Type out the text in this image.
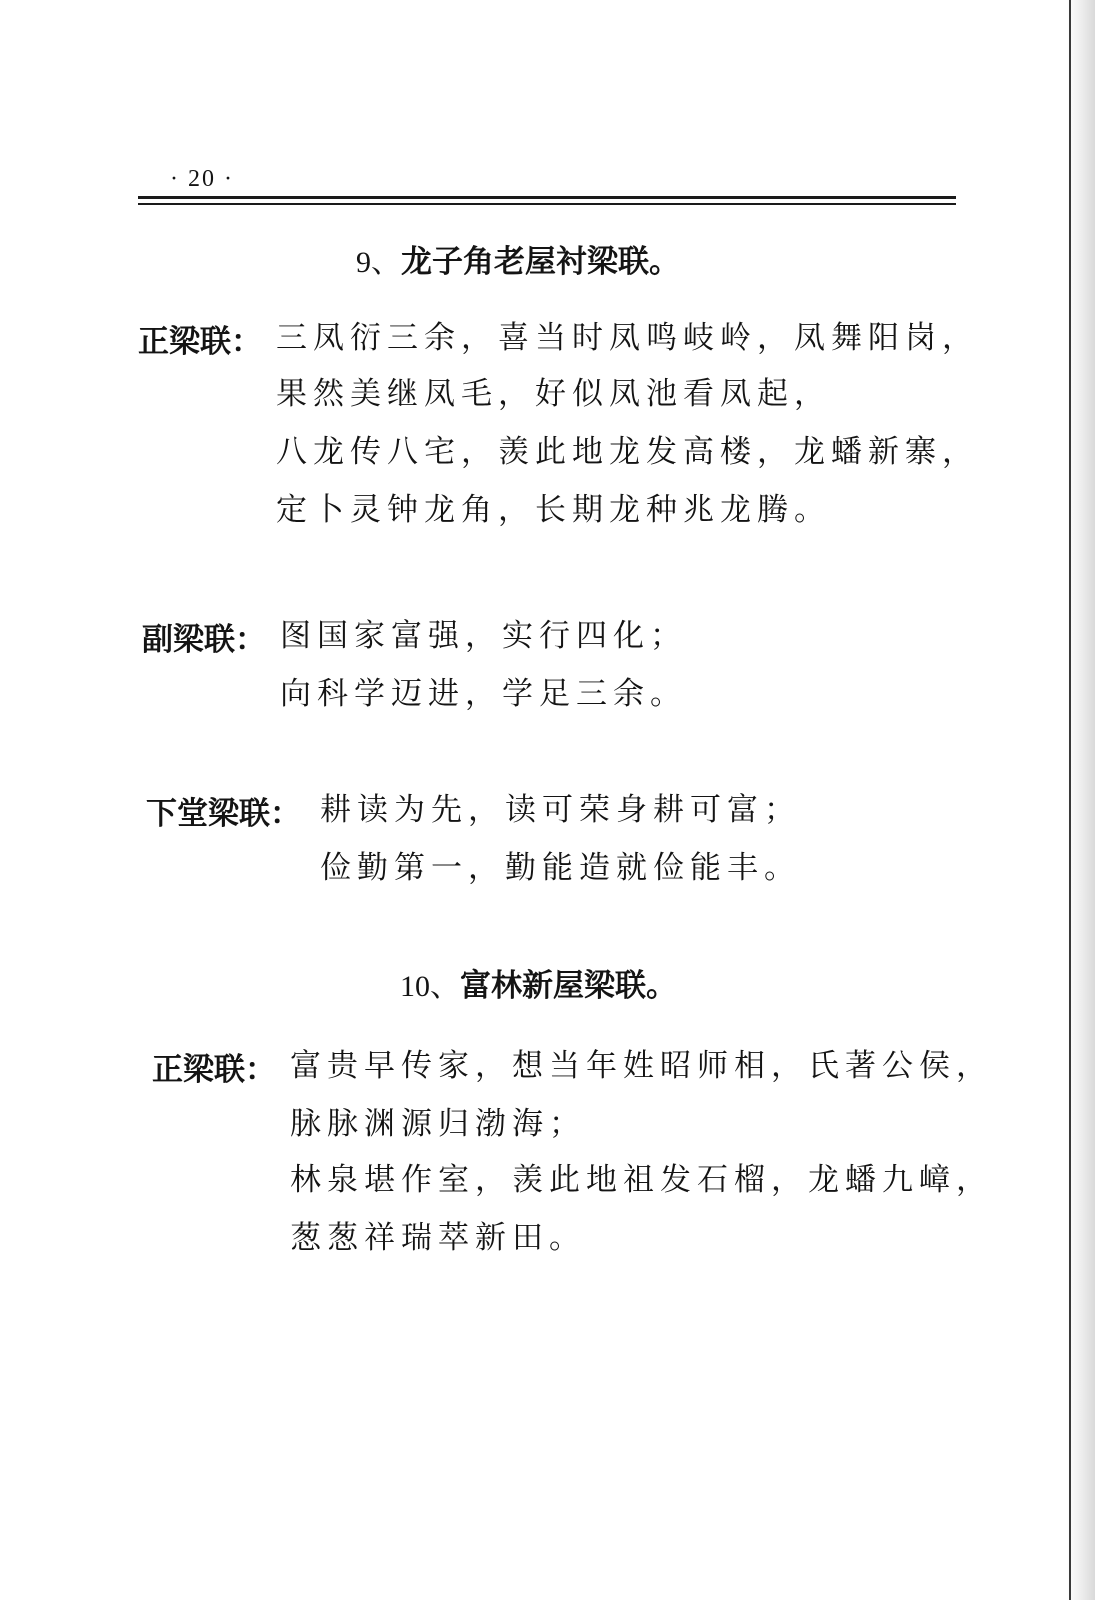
· 20 ·
9、龙子角老屋衬梁联。
正梁联： 三凤衍三余，喜当时凤鸣岐岭，凤舞阳岗，
果然美继凤毛，好似凤池看凤起，
八龙传八宅，羡此地龙发高楼，龙蟠新寨，
定卜灵钟龙角，长期龙种兆龙腾。
副梁联： 图国家富强，实行四化；
向科学迈进，学足三余。
下堂梁联： 耕读为先，读可荣身耕可富；
俭勤第一，勤能造就俭能丰。
10、富林新屋梁联。
正梁联： 富贵早传家，想当年姓昭师相，氏著公侯，
脉脉渊源归渤海；
林泉堪作室，羡此地祖发石榴，龙蟠九嶂，
葱葱祥瑞萃新田。
